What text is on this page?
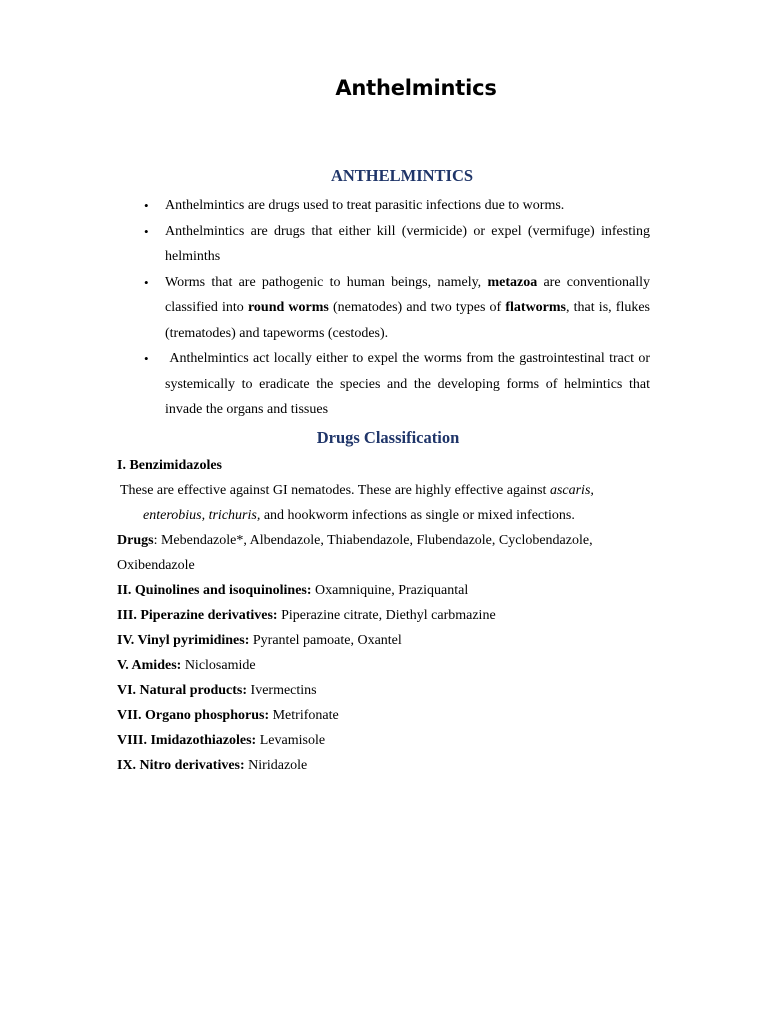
Anthelmintics
ANTHELMINTICS
• Anthelmintics are drugs used to treat parasitic infections due to worms.
• Anthelmintics are drugs that either kill (vermicide) or expel (vermifuge) infesting helminths
• Worms that are pathogenic to human beings, namely, metazoa are conventionally classified into round worms (nematodes) and two types of flatworms, that is, flukes (trematodes) and tapeworms (cestodes).
• Anthelmintics act locally either to expel the worms from the gastrointestinal tract or systemically to eradicate the species and the developing forms of helmintics that invade the organs and tissues
Drugs Classification
I. Benzimidazoles
These are effective against GI nematodes. These are highly effective against ascaris,
enterobius, trichuris, and hookworm infections as single or mixed infections.
Drugs: Mebendazole*, Albendazole, Thiabendazole, Flubendazole, Cyclobendazole,
Oxibendazole
II. Quinolines and isoquinolines: Oxamniquine, Praziquantal
III. Piperazine derivatives: Piperazine citrate, Diethyl carbmazine
IV. Vinyl pyrimidines: Pyrantel pamoate, Oxantel
V. Amides: Niclosamide
VI. Natural products: Ivermectins
VII. Organo phosphorus: Metrifonate
VIII. Imidazothiazoles: Levamisole
IX. Nitro derivatives: Niridazole
